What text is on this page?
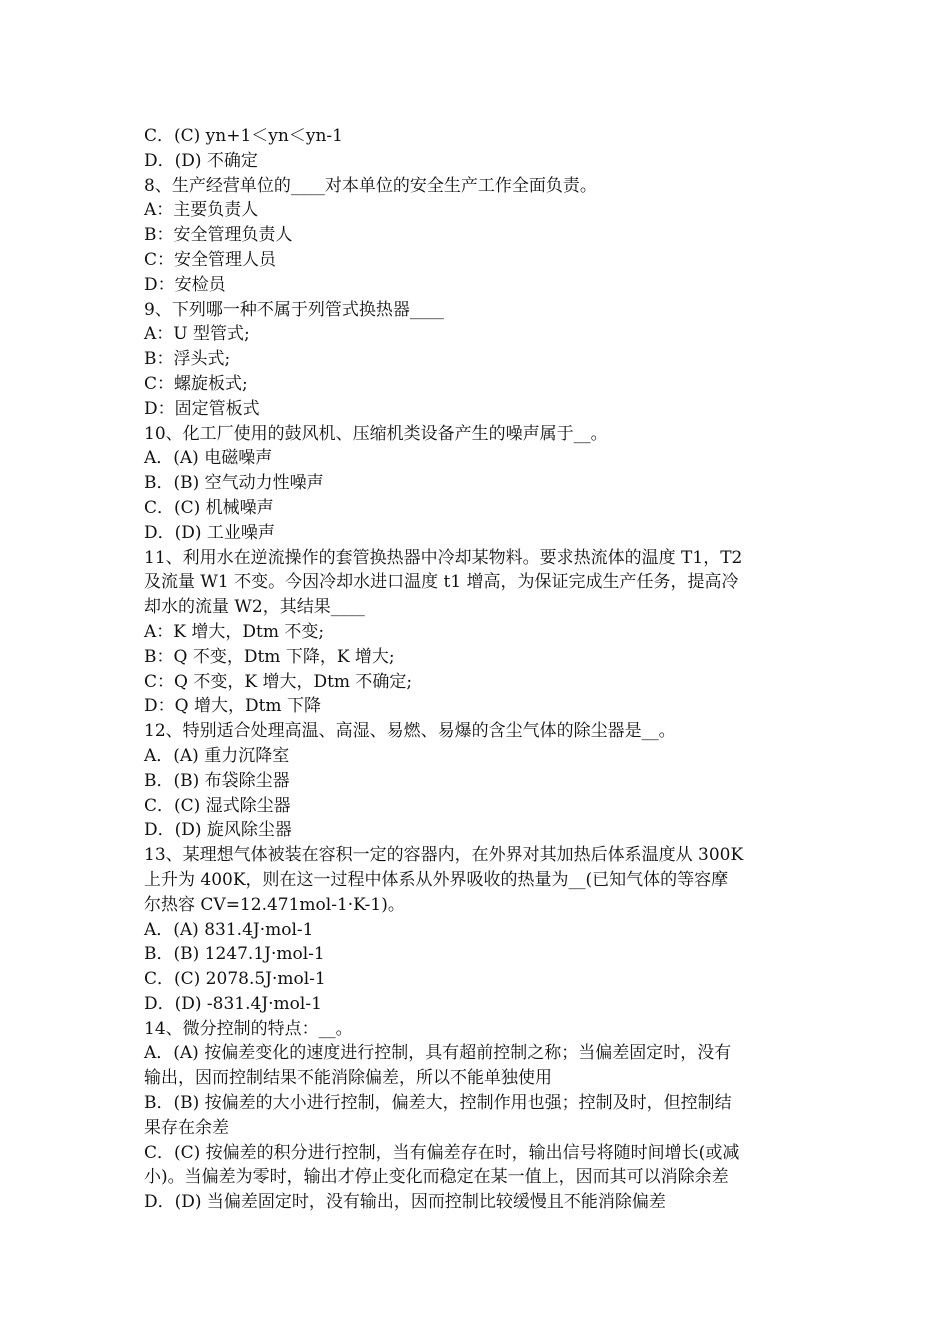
C．(C) yn+1＜yn＜yn-1

D．(D) 不确定

8、生产经营单位的____对本单位的安全生产工作全面负责。

A：主要负责人

B：安全管理负责人

C：安全管理人员

D：安检员

9、下列哪一种不属于列管式换热器____

A：U 型管式;

B：浮头式;

C：螺旋板式;

D：固定管板式

10、化工厂使用的鼓风机、压缩机类设备产生的噪声属于__。

A．(A) 电磁噪声

B．(B) 空气动力性噪声

C．(C) 机械噪声

D．(D) 工业噪声

11、利用水在逆流操作的套管换热器中冷却某物料。要求热流体的温度 T1，T2

及流量 W1 不变。今因冷却水进口温度 t1 增高，为保证完成生产任务，提高冷

却水的流量 W2，其结果____

A：K 增大，Dtm 不变;

B：Q 不变，Dtm 下降，K 增大;

C：Q 不变，K 增大，Dtm 不确定;

D：Q 增大，Dtm 下降

12、特别适合处理高温、高湿、易燃、易爆的含尘气体的除尘器是__。

A．(A) 重力沉降室

B．(B) 布袋除尘器

C．(C) 湿式除尘器

D．(D) 旋风除尘器

13、某理想气体被装在容积一定的容器内，在外界对其加热后体系温度从 300K

上升为 400K，则在这一过程中体系从外界吸收的热量为__(已知气体的等容摩

尔热容 CV=12.471mol-1·K-1)。

A．(A) 831.4J·mol-1

B．(B) 1247.1J·mol-1

C．(C) 2078.5J·mol-1

D．(D) -831.4J·mol-1

14、微分控制的特点：__。

A．(A) 按偏差变化的速度进行控制，具有超前控制之称；当偏差固定时，没有

输出，因而控制结果不能消除偏差，所以不能单独使用

B．(B) 按偏差的大小进行控制，偏差大，控制作用也强；控制及时，但控制结

果存在余差

C．(C) 按偏差的积分进行控制，当有偏差存在时，输出信号将随时间增长(或减

小)。当偏差为零时，输出才停止变化而稳定在某一值上，因而其可以消除余差

D．(D) 当偏差固定时，没有输出，因而控制比较缓慢且不能消除偏差
